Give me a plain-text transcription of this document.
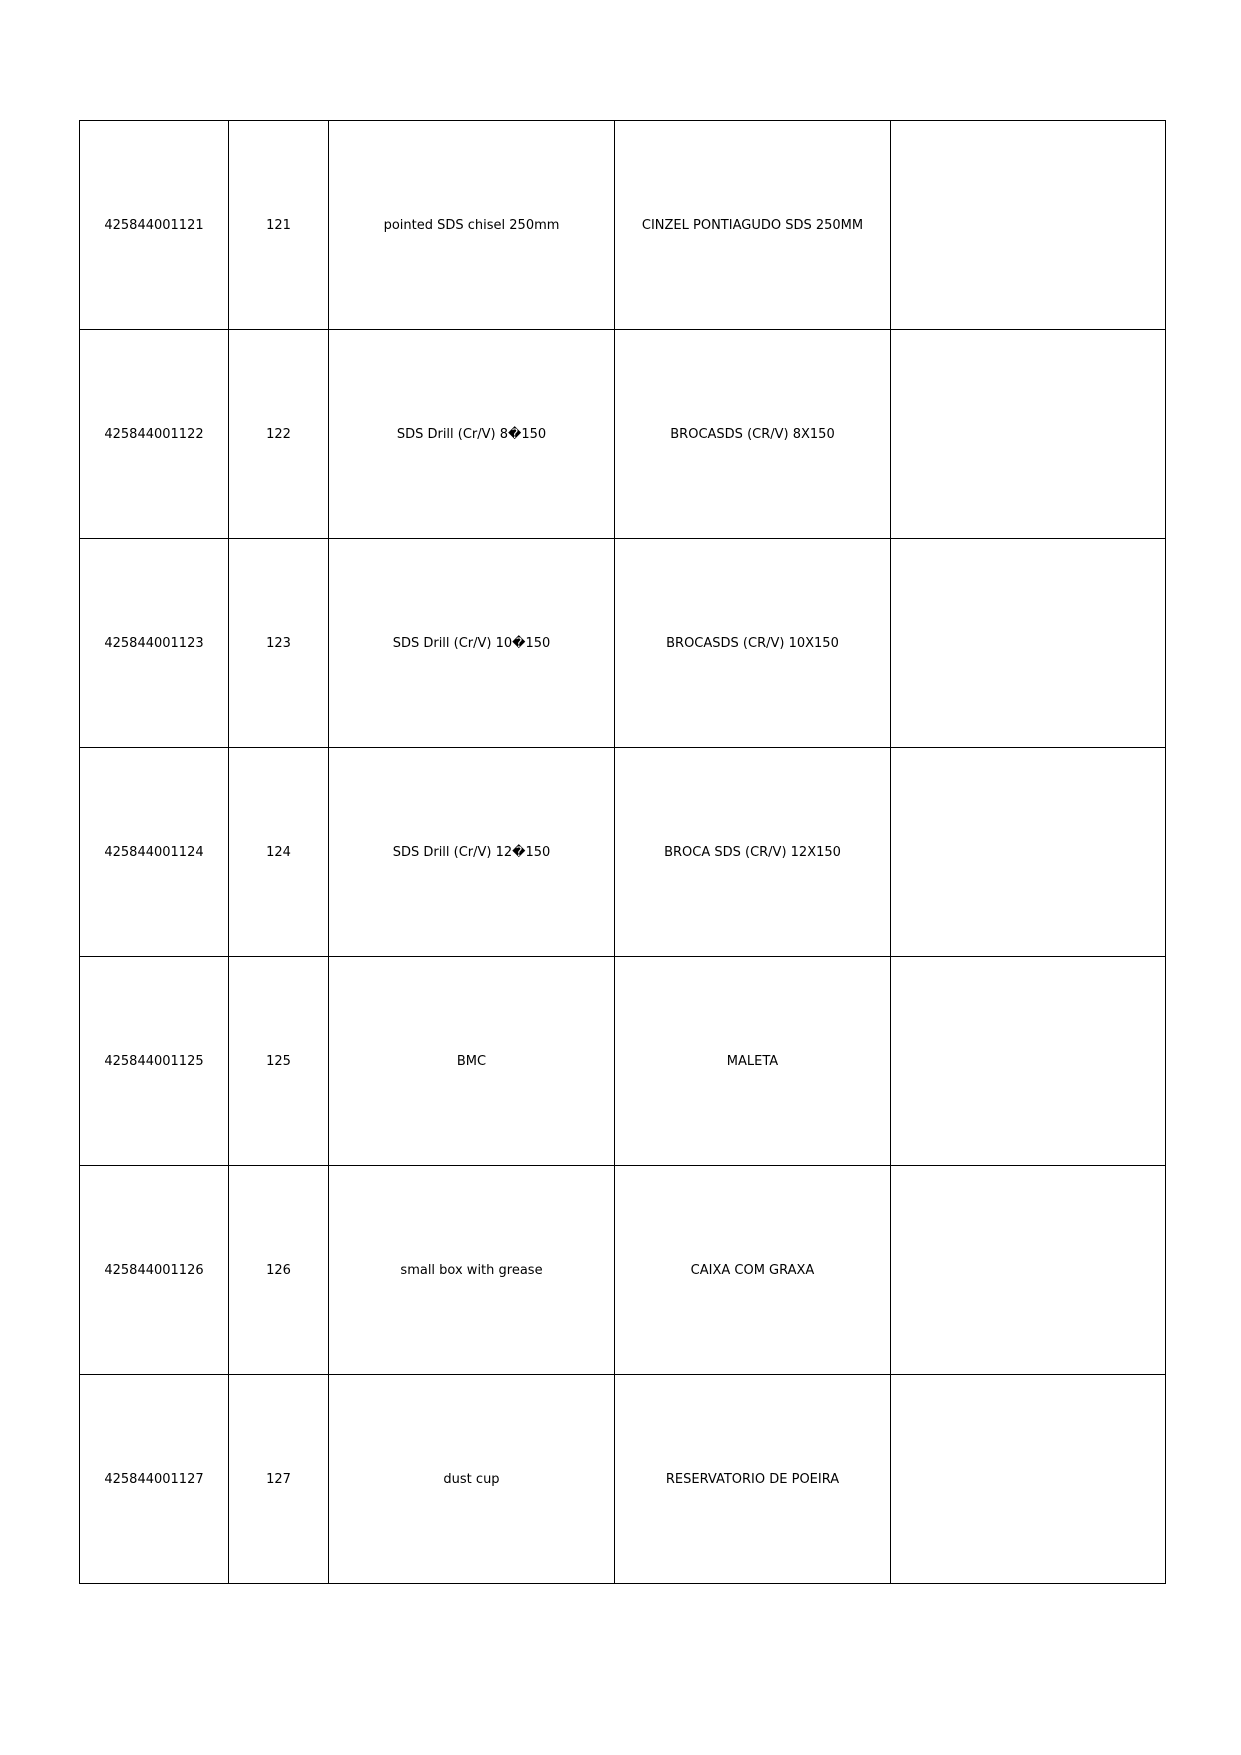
425844001121	121	pointed SDS chisel 250mm	CINZEL PONTIAGUDO SDS 250MM	
425844001122	122	SDS Drill (Cr/V) 8�150	BROCASDS (CR/V) 8X150	
425844001123	123	SDS Drill (Cr/V) 10�150	BROCASDS (CR/V) 10X150	
425844001124	124	SDS Drill (Cr/V) 12�150	BROCA SDS (CR/V) 12X150	
425844001125	125	BMC	MALETA	
425844001126	126	small box with grease	CAIXA COM GRAXA	
425844001127	127	dust cup	RESERVATORIO DE POEIRA	
